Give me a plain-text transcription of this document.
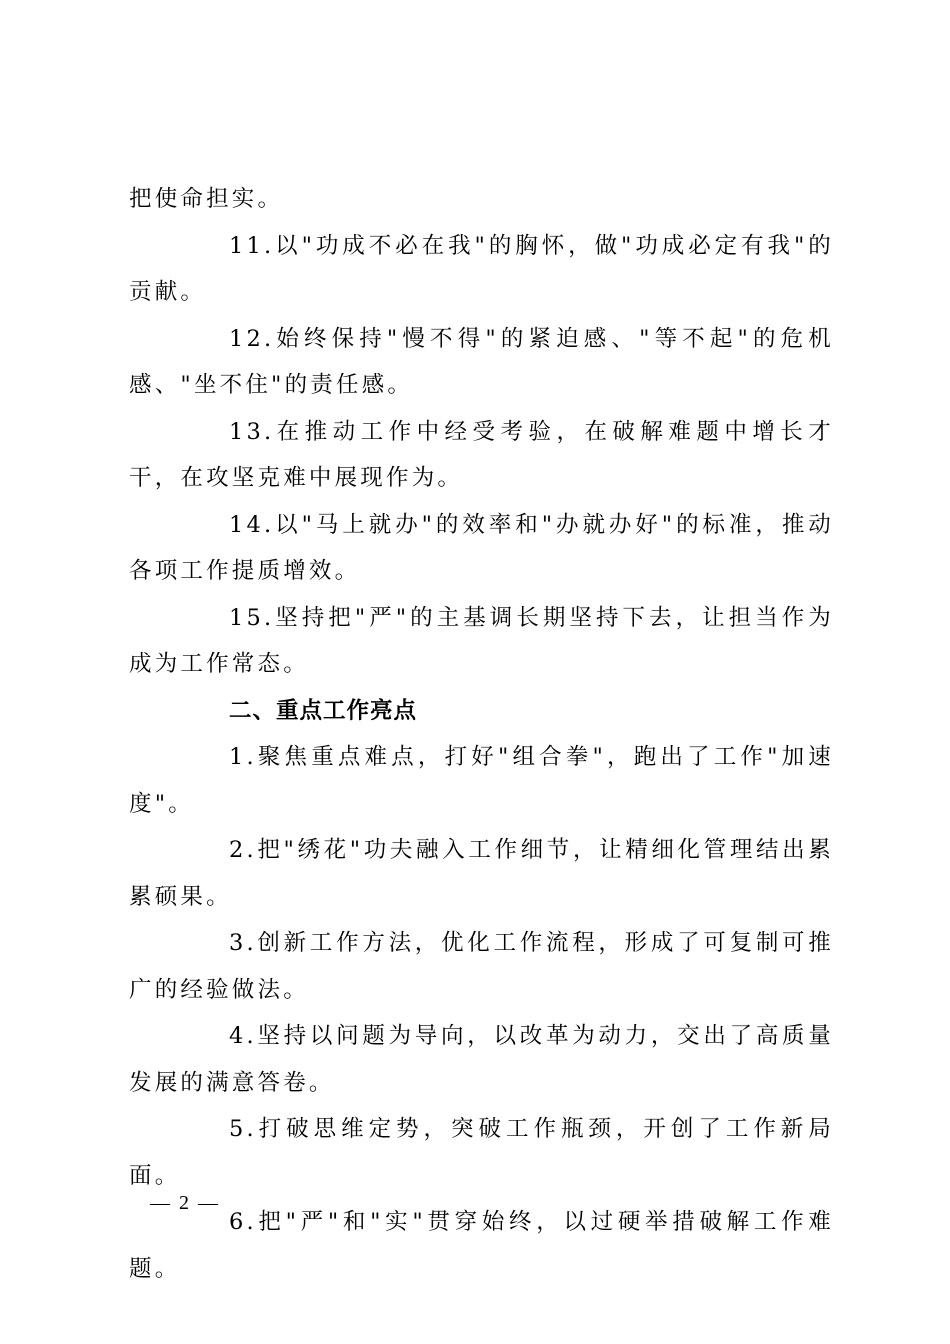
把使命担实。

11.以"功成不必在我"的胸怀，做"功成必定有我"的贡献。

12.始终保持"慢不得"的紧迫感、"等不起"的危机感、"坐不住"的责任感。

13.在推动工作中经受考验，在破解难题中增长才干，在攻坚克难中展现作为。

14.以"马上就办"的效率和"办就办好"的标准，推动各项工作提质增效。

15.坚持把"严"的主基调长期坚持下去，让担当作为成为工作常态。

二、重点工作亮点

1.聚焦重点难点，打好"组合拳"，跑出了工作"加速度"。

2.把"绣花"功夫融入工作细节，让精细化管理结出累累硕果。

3.创新工作方法，优化工作流程，形成了可复制可推广的经验做法。

4.坚持以问题为导向，以改革为动力，交出了高质量发展的满意答卷。

5.打破思维定势，突破工作瓶颈，开创了工作新局面。

6.把"严"和"实"贯穿始终，以过硬举措破解工作难题。

— 2 —
